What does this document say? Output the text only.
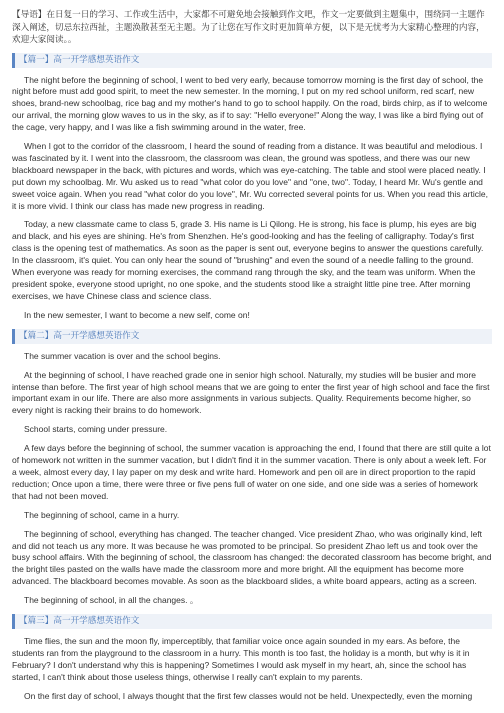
【导语】在日复一日的学习、工作或生活中，大家都不可避免地会接触到作文吧，作文一定要做到主题集中，围绕同一主题作深入阐述，切忌东拉西扯，主题涣散甚至无主题。为了让您在写作文时更加简单方便，以下是无忧考为大家精心整理的内容，欢迎大家阅读。。

【篇一】高一开学感想英语作文

The night before the beginning of school, I went to bed very early, because tomorrow morning is the first day of school, the night before must add good spirit, to meet the new semester. In the morning, I put on my red school uniform, red scarf, new shoes, brand-new schoolbag, rice bag and my mother's hand to go to school happily. On the road, birds chirp, as if to welcome our arrival, the morning glow waves to us in the sky, as if to say: "Hello everyone!" Along the way, I was like a bird flying out of the cage, very happy, and I was like a fish swimming around in the water, free.

When I got to the corridor of the classroom, I heard the sound of reading from a distance. It was beautiful and melodious. I was fascinated by it. I went into the classroom, the classroom was clean, the ground was spotless, and there was our new blackboard newspaper in the back, with pictures and words, which was eye-catching. The table and stool were placed neatly. I put down my schoolbag. Mr. Wu asked us to read "what color do you love" and "one, two". Today, I heard Mr. Wu's gentle and sweet voice again. When you read "what color do you love", Mr. Wu corrected several points for us. When you read this article, it is more vivid. I think our class has made new progress in reading.

Today, a new classmate came to class 5, grade 3. His name is Li Qilong. He is strong, his face is plump, his eyes are big and black, and his eyes are shining. He's from Shenzhen. He's good-looking and has the feeling of calligraphy. Today's first class is the opening test of mathematics. As soon as the paper is sent out, everyone begins to answer the questions carefully. In the classroom, it's quiet. You can only hear the sound of "brushing" and even the sound of a needle falling to the ground. When everyone was ready for morning exercises, the command rang through the sky, and the team was uniform. When the president spoke, everyone stood upright, no one spoke, and the students stood like a straight little pine tree. After morning exercises, we have Chinese class and science class.

In the new semester, I want to become a new self, come on!

【篇二】高一开学感想英语作文

The summer vacation is over and the school begins.

At the beginning of school, I have reached grade one in senior high school. Naturally, my studies will be busier and more intense than before. The first year of high school means that we are going to enter the first year of high school and face the first important exam in our life. There are also more assignments in various subjects. Quality. Requirements become higher, so every night is racking their brains to do homework.

School starts, coming under pressure.

A few days before the beginning of school, the summer vacation is approaching the end, I found that there are still quite a lot of homework not written in the summer vacation, but I didn't find it in the summer vacation. There is only about a week left. For a week, almost every day, I lay paper on my desk and write hard. Homework and pen oil are in direct proportion to the rapid reduction; Once upon a time, there were three or five pens full of water on one side, and one side was a series of homework that had not been moved.

The beginning of school, came in a hurry.

The beginning of school, everything has changed. The teacher changed. Vice president Zhao, who was originally kind, left and did not teach us any more. It was because he was promoted to be principal. So president Zhao left us and took over the busy school affairs. With the beginning of school, the classroom has changed: the decorated classroom has become bright, and the bright tiles pasted on the walls have made the classroom more and more bright. All the equipment has become more advanced. The blackboard becomes movable. As soon as the blackboard slides, a white board appears, acting as a screen.

The beginning of school, in all the changes. 。

【篇三】高一开学感想英语作文

Time flies, the sun and the moon fly, imperceptibly, that familiar voice once again sounded in my ears. As before, the students ran from the playground to the classroom in a hurry. This month is too fast, the holiday is a month, but why is it in February? I don't understand why this is happening? Sometimes I would ask myself in my heart, ah, since the school has started, I can't think about those useless things, otherwise I really can't explain to my parents.

On the first day of school, I always thought that the first few classes would not be held. Unexpectedly, even the morning
